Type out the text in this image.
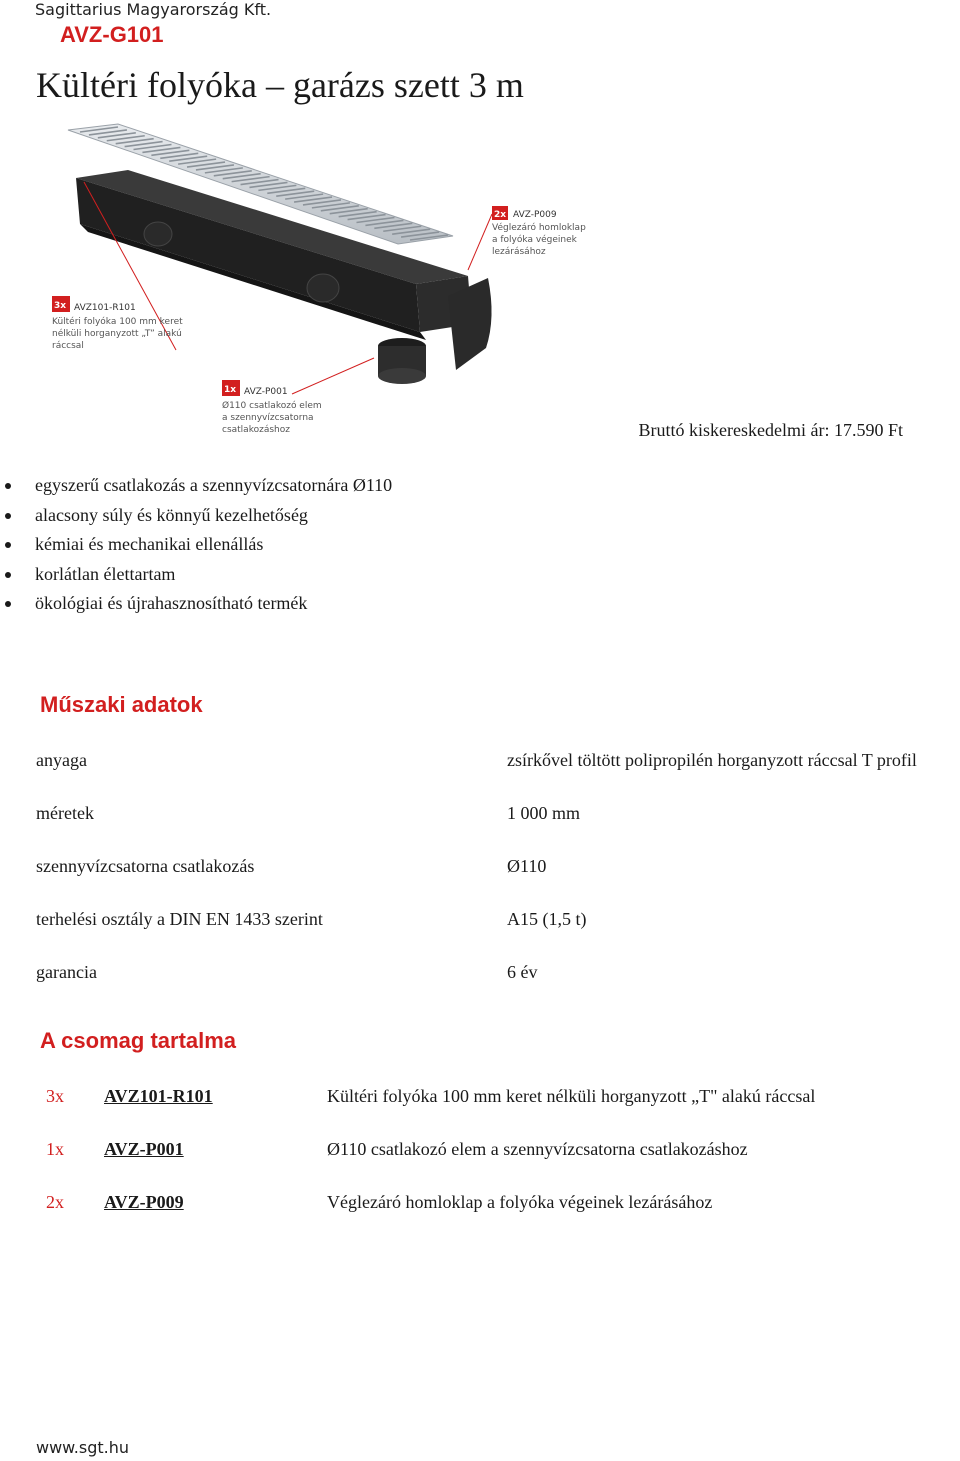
Sagittarius Magyarország Kft.
AVZ-G101
Kültéri folyóka – garázs szett 3 m
2x AVZ-P009
Véglezáró homloklap
a folyóka végeinek
lezárásához
3x AVZ101-R101
Kültéri folyóka 100 mm keret
nélküli horganyzott „T” alakú
ráccsal
1x AVZ-P001
Ø110 csatlakozó elem
a szennyvízcsatorna
csatlakozáshoz	Bruttó kiskereskedelmi ár: 17.590 Ft
egyszerű csatlakozás a szennyvízcsatornára Ø110
alacsony súly és könnyű kezelhetőség
kémiai és mechanikai ellenállás
korlátlan élettartam
ökológiai és újrahasznosítható termék
Műszaki adatok
anyaga	zsírkővel töltött polipropilén horganyzott ráccsal T profil
méretek	1 000 mm
szennyvízcsatorna csatlakozás	Ø110
terhelési osztály a DIN EN 1433 szerint	A15 (1,5 t)
garancia	6 év
A csomag tartalma
3x AVZ101-R101	Kültéri folyóka 100 mm keret nélküli horganyzott „T" alakú ráccsal
1x AVZ-P001	Ø110 csatlakozó elem a szennyvízcsatorna csatlakozáshoz
2x AVZ-P009	Véglezáró homloklap a folyóka végeinek lezárásához
www.sgt.hu
